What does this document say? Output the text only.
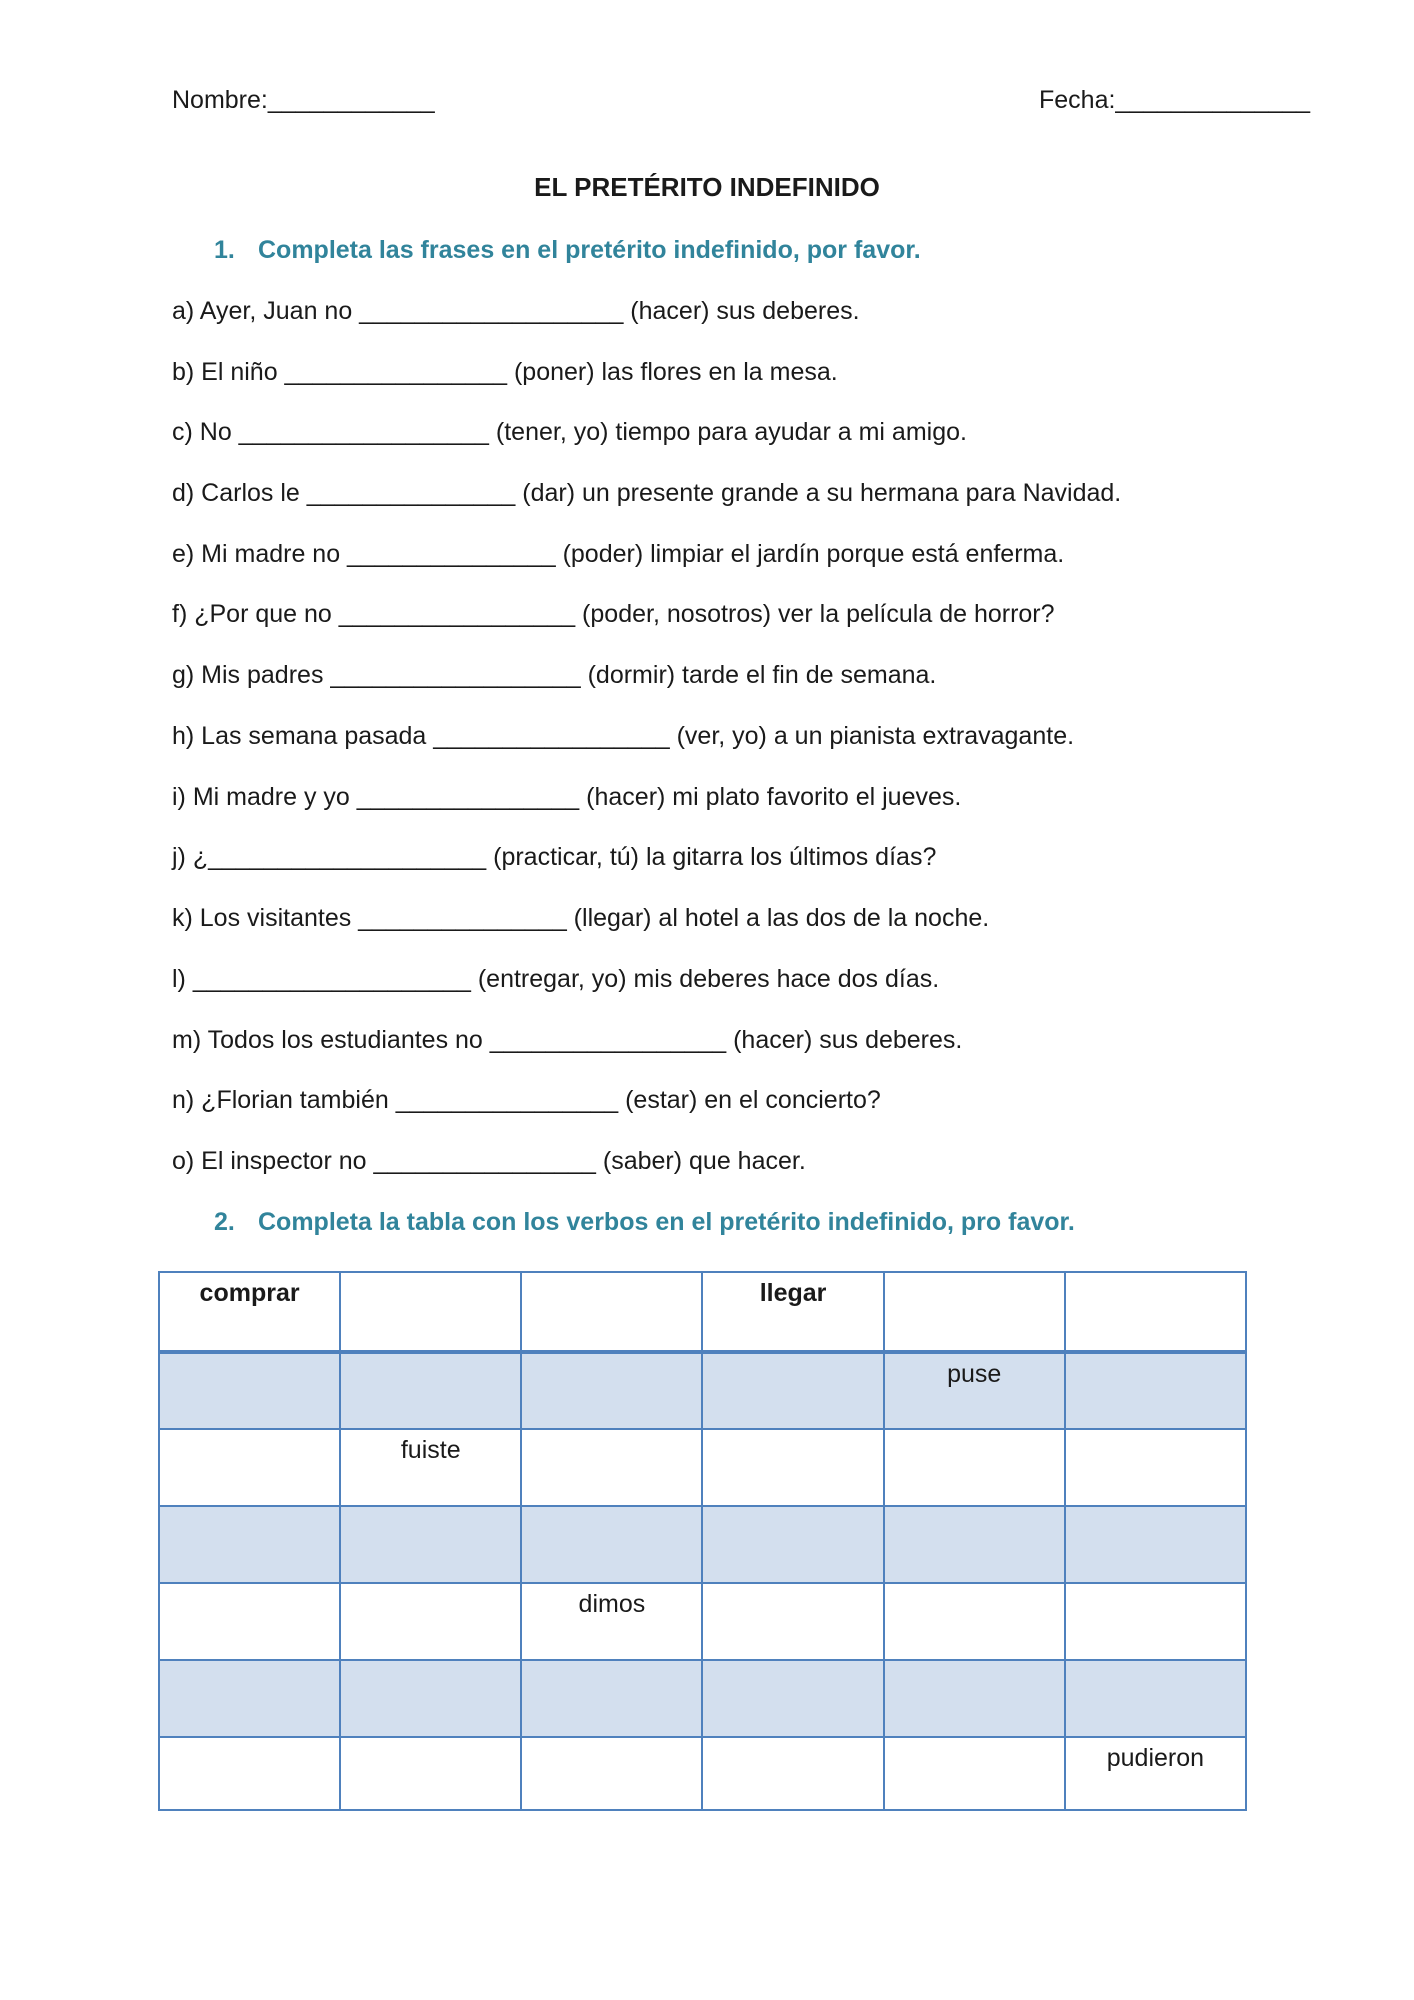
Nombre:____________	Fecha:______________
EL PRETÉRITO INDEFINIDO
1. Completa las frases en el pretérito indefinido, por favor.
a) Ayer, Juan no ___________________ (hacer) sus deberes.
b) El niño ________________ (poner) las flores en la mesa.
c) No __________________ (tener, yo) tiempo para ayudar a mi amigo.
d) Carlos le _______________ (dar) un presente grande a su hermana para Navidad.
e) Mi madre no _______________ (poder) limpiar el jardín porque está enferma.
f) ¿Por que no _________________ (poder, nosotros) ver la película de horror?
g) Mis padres __________________ (dormir) tarde el fin de semana.
h) Las semana pasada _________________ (ver, yo) a un pianista extravagante.
i) Mi madre y yo ________________ (hacer) mi plato favorito el jueves.
j) ¿____________________ (practicar, tú) la gitarra los últimos días?
k) Los visitantes _______________ (llegar) al hotel a las dos de la noche.
l) ____________________ (entregar, yo) mis deberes hace dos días.
m) Todos los estudiantes no _________________ (hacer) sus deberes.
n) ¿Florian también ________________ (estar) en el concierto?
o) El inspector no ________________ (saber) que hacer.
2. Completa la tabla con los verbos en el pretérito indefinido, pro favor.
comprar			llegar		
				puse	
	fuiste				

		dimos			

					pudieron
